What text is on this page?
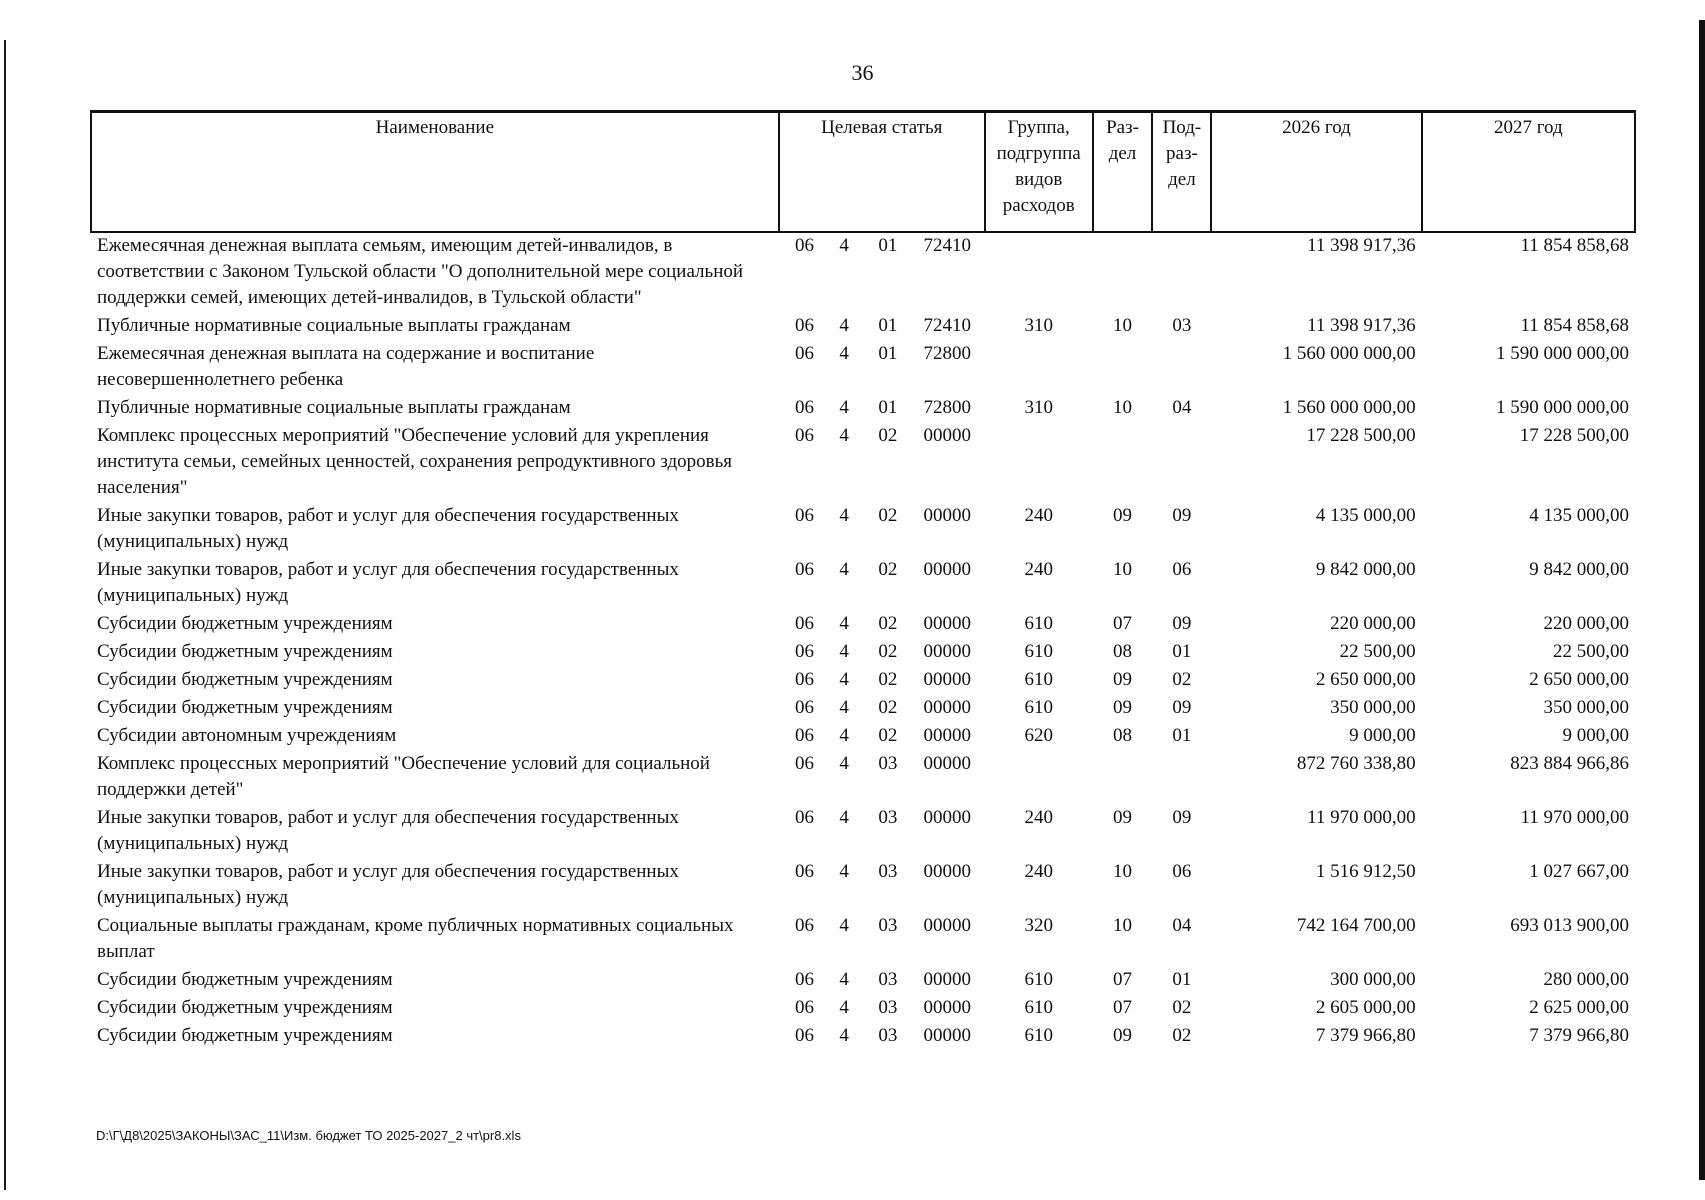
36
Наименование	Целевая статья				Группа, подгруппа видов расходов	Раз- дел	Под- раз- дел	2026 год	2027 год
Ежемесячная денежная выплата семьям, имеющим детей-инвалидов, в соответствии с Законом Тульской области "О дополнительной мере социальной поддержки семей, имеющих детей-инвалидов, в Тульской области"	06	4	01	72410				11 398 917,36	11 854 858,68
Публичные нормативные социальные выплаты гражданам	06	4	01	72410	310	10	03	11 398 917,36	11 854 858,68
Ежемесячная денежная выплата на содержание и воспитание несовершеннолетнего ребенка	06	4	01	72800				1 560 000 000,00	1 590 000 000,00
Публичные нормативные социальные выплаты гражданам	06	4	01	72800	310	10	04	1 560 000 000,00	1 590 000 000,00
Комплекс процессных мероприятий "Обеспечение условий для укрепления института семьи, семейных ценностей, сохранения репродуктивного здоровья населения"	06	4	02	00000				17 228 500,00	17 228 500,00
Иные закупки товаров, работ и услуг для обеспечения государственных (муниципальных) нужд	06	4	02	00000	240	09	09	4 135 000,00	4 135 000,00
Иные закупки товаров, работ и услуг для обеспечения государственных (муниципальных) нужд	06	4	02	00000	240	10	06	9 842 000,00	9 842 000,00
Субсидии бюджетным учреждениям	06	4	02	00000	610	07	09	220 000,00	220 000,00
Субсидии бюджетным учреждениям	06	4	02	00000	610	08	01	22 500,00	22 500,00
Субсидии бюджетным учреждениям	06	4	02	00000	610	09	02	2 650 000,00	2 650 000,00
Субсидии бюджетным учреждениям	06	4	02	00000	610	09	09	350 000,00	350 000,00
Субсидии автономным учреждениям	06	4	02	00000	620	08	01	9 000,00	9 000,00
Комплекс процессных мероприятий "Обеспечение условий для социальной поддержки детей"	06	4	03	00000				872 760 338,80	823 884 966,86
Иные закупки товаров, работ и услуг для обеспечения государственных (муниципальных) нужд	06	4	03	00000	240	09	09	11 970 000,00	11 970 000,00
Иные закупки товаров, работ и услуг для обеспечения государственных (муниципальных) нужд	06	4	03	00000	240	10	06	1 516 912,50	1 027 667,00
Социальные выплаты гражданам, кроме публичных нормативных социальных выплат	06	4	03	00000	320	10	04	742 164 700,00	693 013 900,00
Субсидии бюджетным учреждениям	06	4	03	00000	610	07	01	300 000,00	280 000,00
Субсидии бюджетным учреждениям	06	4	03	00000	610	07	02	2 605 000,00	2 625 000,00
Субсидии бюджетным учреждениям	06	4	03	00000	610	09	02	7 379 966,80	7 379 966,80
D:\Г\Д8\2025\ЗАКОНЫ\ЗАС_11\Изм. бюджет ТО 2025-2027_2 чт\pr8.xls
